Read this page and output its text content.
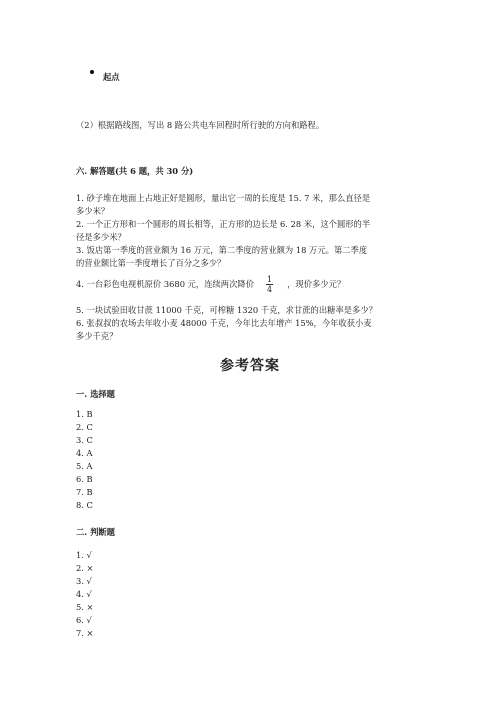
起点
（2）根据路线图，写出 8 路公共电车回程时所行驶的方向和路程。
六. 解答题(共 6 题，共 30 分)
1. 砂子堆在地面上占地正好是圆形，量出它一周的长度是 15. 7 米，那么直径是
多少米？
2. 一个正方形和一个圆形的周长相等，正方形的边长是 6. 28 米，这个圆形的半
径是多少米？
3. 饭店第一季度的营业额为 16 万元，第二季度的营业额为 18 万元。第二季度
的营业额比第一季度增长了百分之多少？
4. 一台彩色电视机原价 3680 元，连续两次降价 $\frac{1}{4}$ ，现价多少元？
5. 一块试验田收甘蔗 11000 千克，可榨糖 1320 千克，求甘蔗的出糖率是多少？
6. 张叔叔的农场去年收小麦 48000 千克，今年比去年增产 15%，今年收获小麦
多少千克？
参考答案
一. 选择题
1. B
2. C
3. C
4. A
5. A
6. B
7. B
8. C
二. 判断题
1. √
2. ×
3. √
4. √
5. ×
6. √
7. ×
